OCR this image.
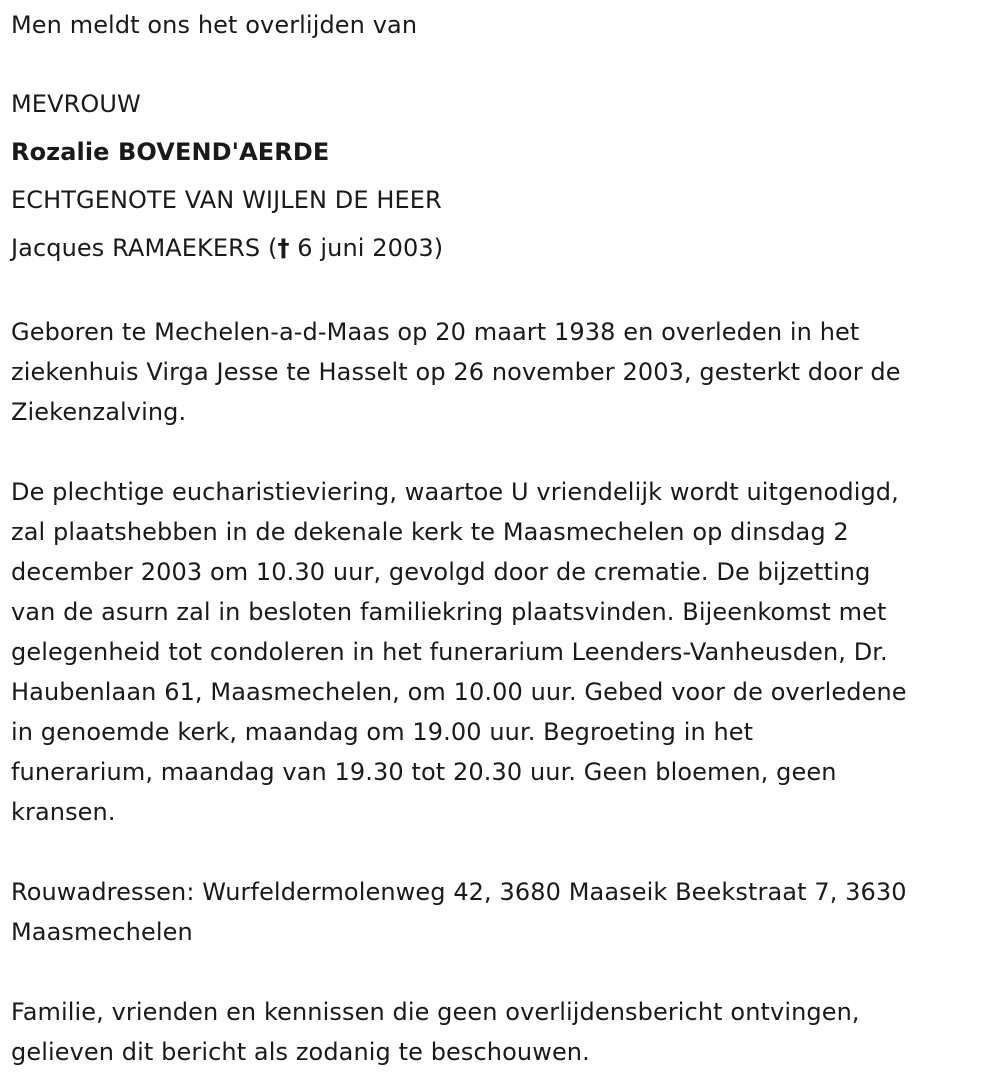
Men meldt ons het overlijden van
MEVROUW
Rozalie BOVEND'AERDE
ECHTGENOTE VAN WIJLEN DE HEER
Jacques RAMAEKERS († 6 juni 2003)
Geboren te Mechelen-a-d-Maas op 20 maart 1938 en overleden in het
ziekenhuis Virga Jesse te Hasselt op 26 november 2003, gesterkt door de
Ziekenzalving.
De plechtige eucharistieviering, waartoe U vriendelijk wordt uitgenodigd,
zal plaatshebben in de dekenale kerk te Maasmechelen op dinsdag 2
december 2003 om 10.30 uur, gevolgd door de crematie. De bijzetting
van de asurn zal in besloten familiekring plaatsvinden. Bijeenkomst met
gelegenheid tot condoleren in het funerarium Leenders-Vanheusden, Dr.
Haubenlaan 61, Maasmechelen, om 10.00 uur. Gebed voor de overledene
in genoemde kerk, maandag om 19.00 uur. Begroeting in het
funerarium, maandag van 19.30 tot 20.30 uur. Geen bloemen, geen
kransen.
Rouwadressen: Wurfeldermolenweg 42, 3680 Maaseik Beekstraat 7, 3630
Maasmechelen
Familie, vrienden en kennissen die geen overlijdensbericht ontvingen,
gelieven dit bericht als zodanig te beschouwen.
